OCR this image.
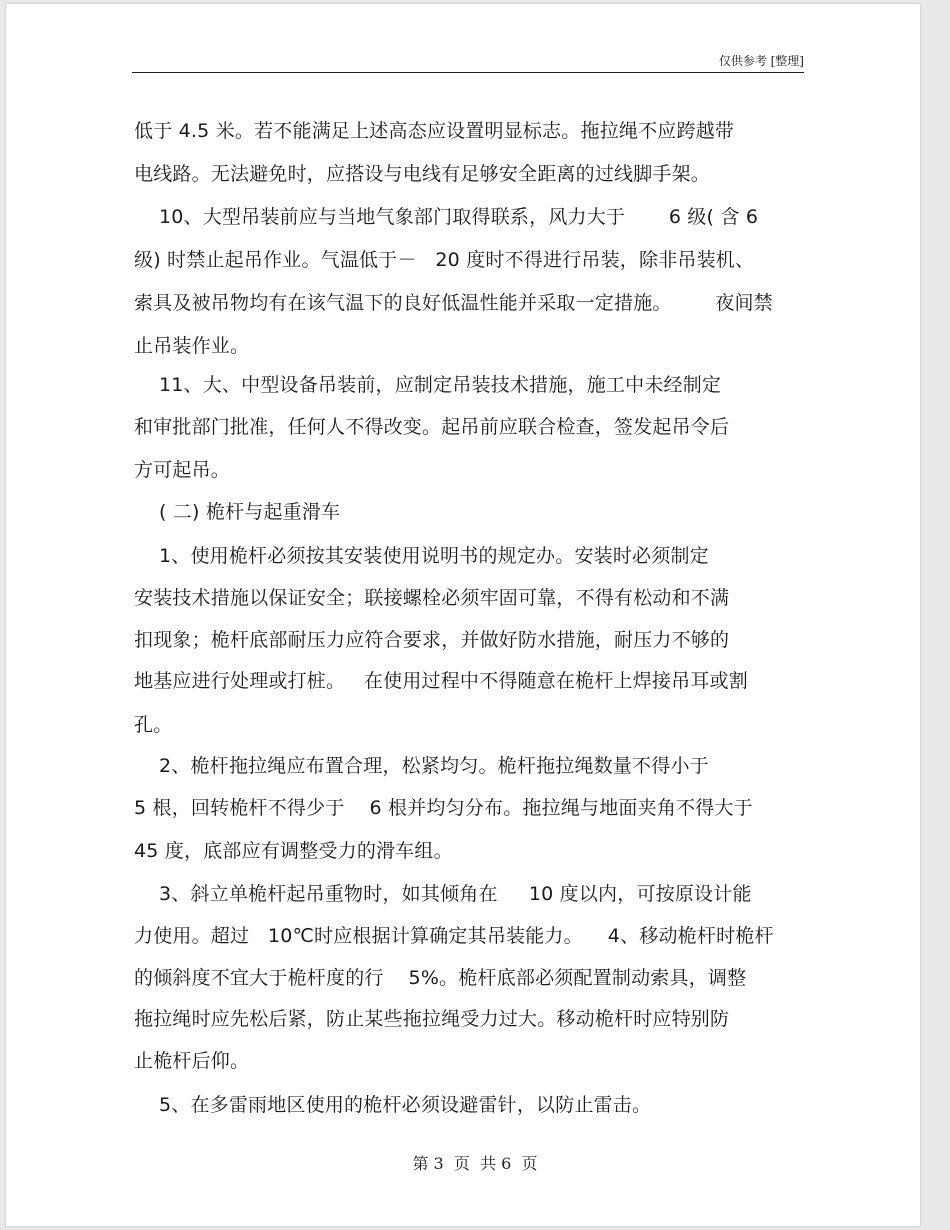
仅供参考 [整理]
低于 4.5 米。若不能满足上述高态应设置明显标志。拖拉绳不应跨越带
电线路。无法避免时，应搭设与电线有足够安全距离的过线脚手架。
10、大型吊装前应与当地气象部门取得联系，风力大于       6 级( 含 6
级) 时禁止起吊作业。气温低于－   20 度时不得进行吊装，除非吊装机、
索具及被吊物均有在该气温下的良好低温性能并采取一定措施。       夜间禁
止吊装作业。
11、大、中型设备吊装前，应制定吊装技术措施，施工中未经制定
和审批部门批准，任何人不得改变。起吊前应联合检查，签发起吊令后
方可起吊。
( 二) 桅杆与起重滑车
1、使用桅杆必须按其安装使用说明书的规定办。安装时必须制定
安装技术措施以保证安全；联接螺栓必须牢固可靠，不得有松动和不满
扣现象；桅杆底部耐压力应符合要求，并做好防水措施，耐压力不够的
地基应进行处理或打桩。   在使用过程中不得随意在桅杆上焊接吊耳或割
孔。
2、桅杆拖拉绳应布置合理，松紧均匀。桅杆拖拉绳数量不得小于
5 根，回转桅杆不得少于    6 根并均匀分布。拖拉绳与地面夹角不得大于
45 度，底部应有调整受力的滑车组。
3、斜立单桅杆起吊重物时，如其倾角在     10 度以内，可按原设计能
力使用。超过   10℃时应根据计算确定其吊装能力。    4、移动桅杆时桅杆
的倾斜度不宜大于桅杆度的行    5%。桅杆底部必须配置制动索具，调整
拖拉绳时应先松后紧，防止某些拖拉绳受力过大。移动桅杆时应特别防
止桅杆后仰。
5、在多雷雨地区使用的桅杆必须设避雷针，以防止雷击。
第 3  页  共 6  页
